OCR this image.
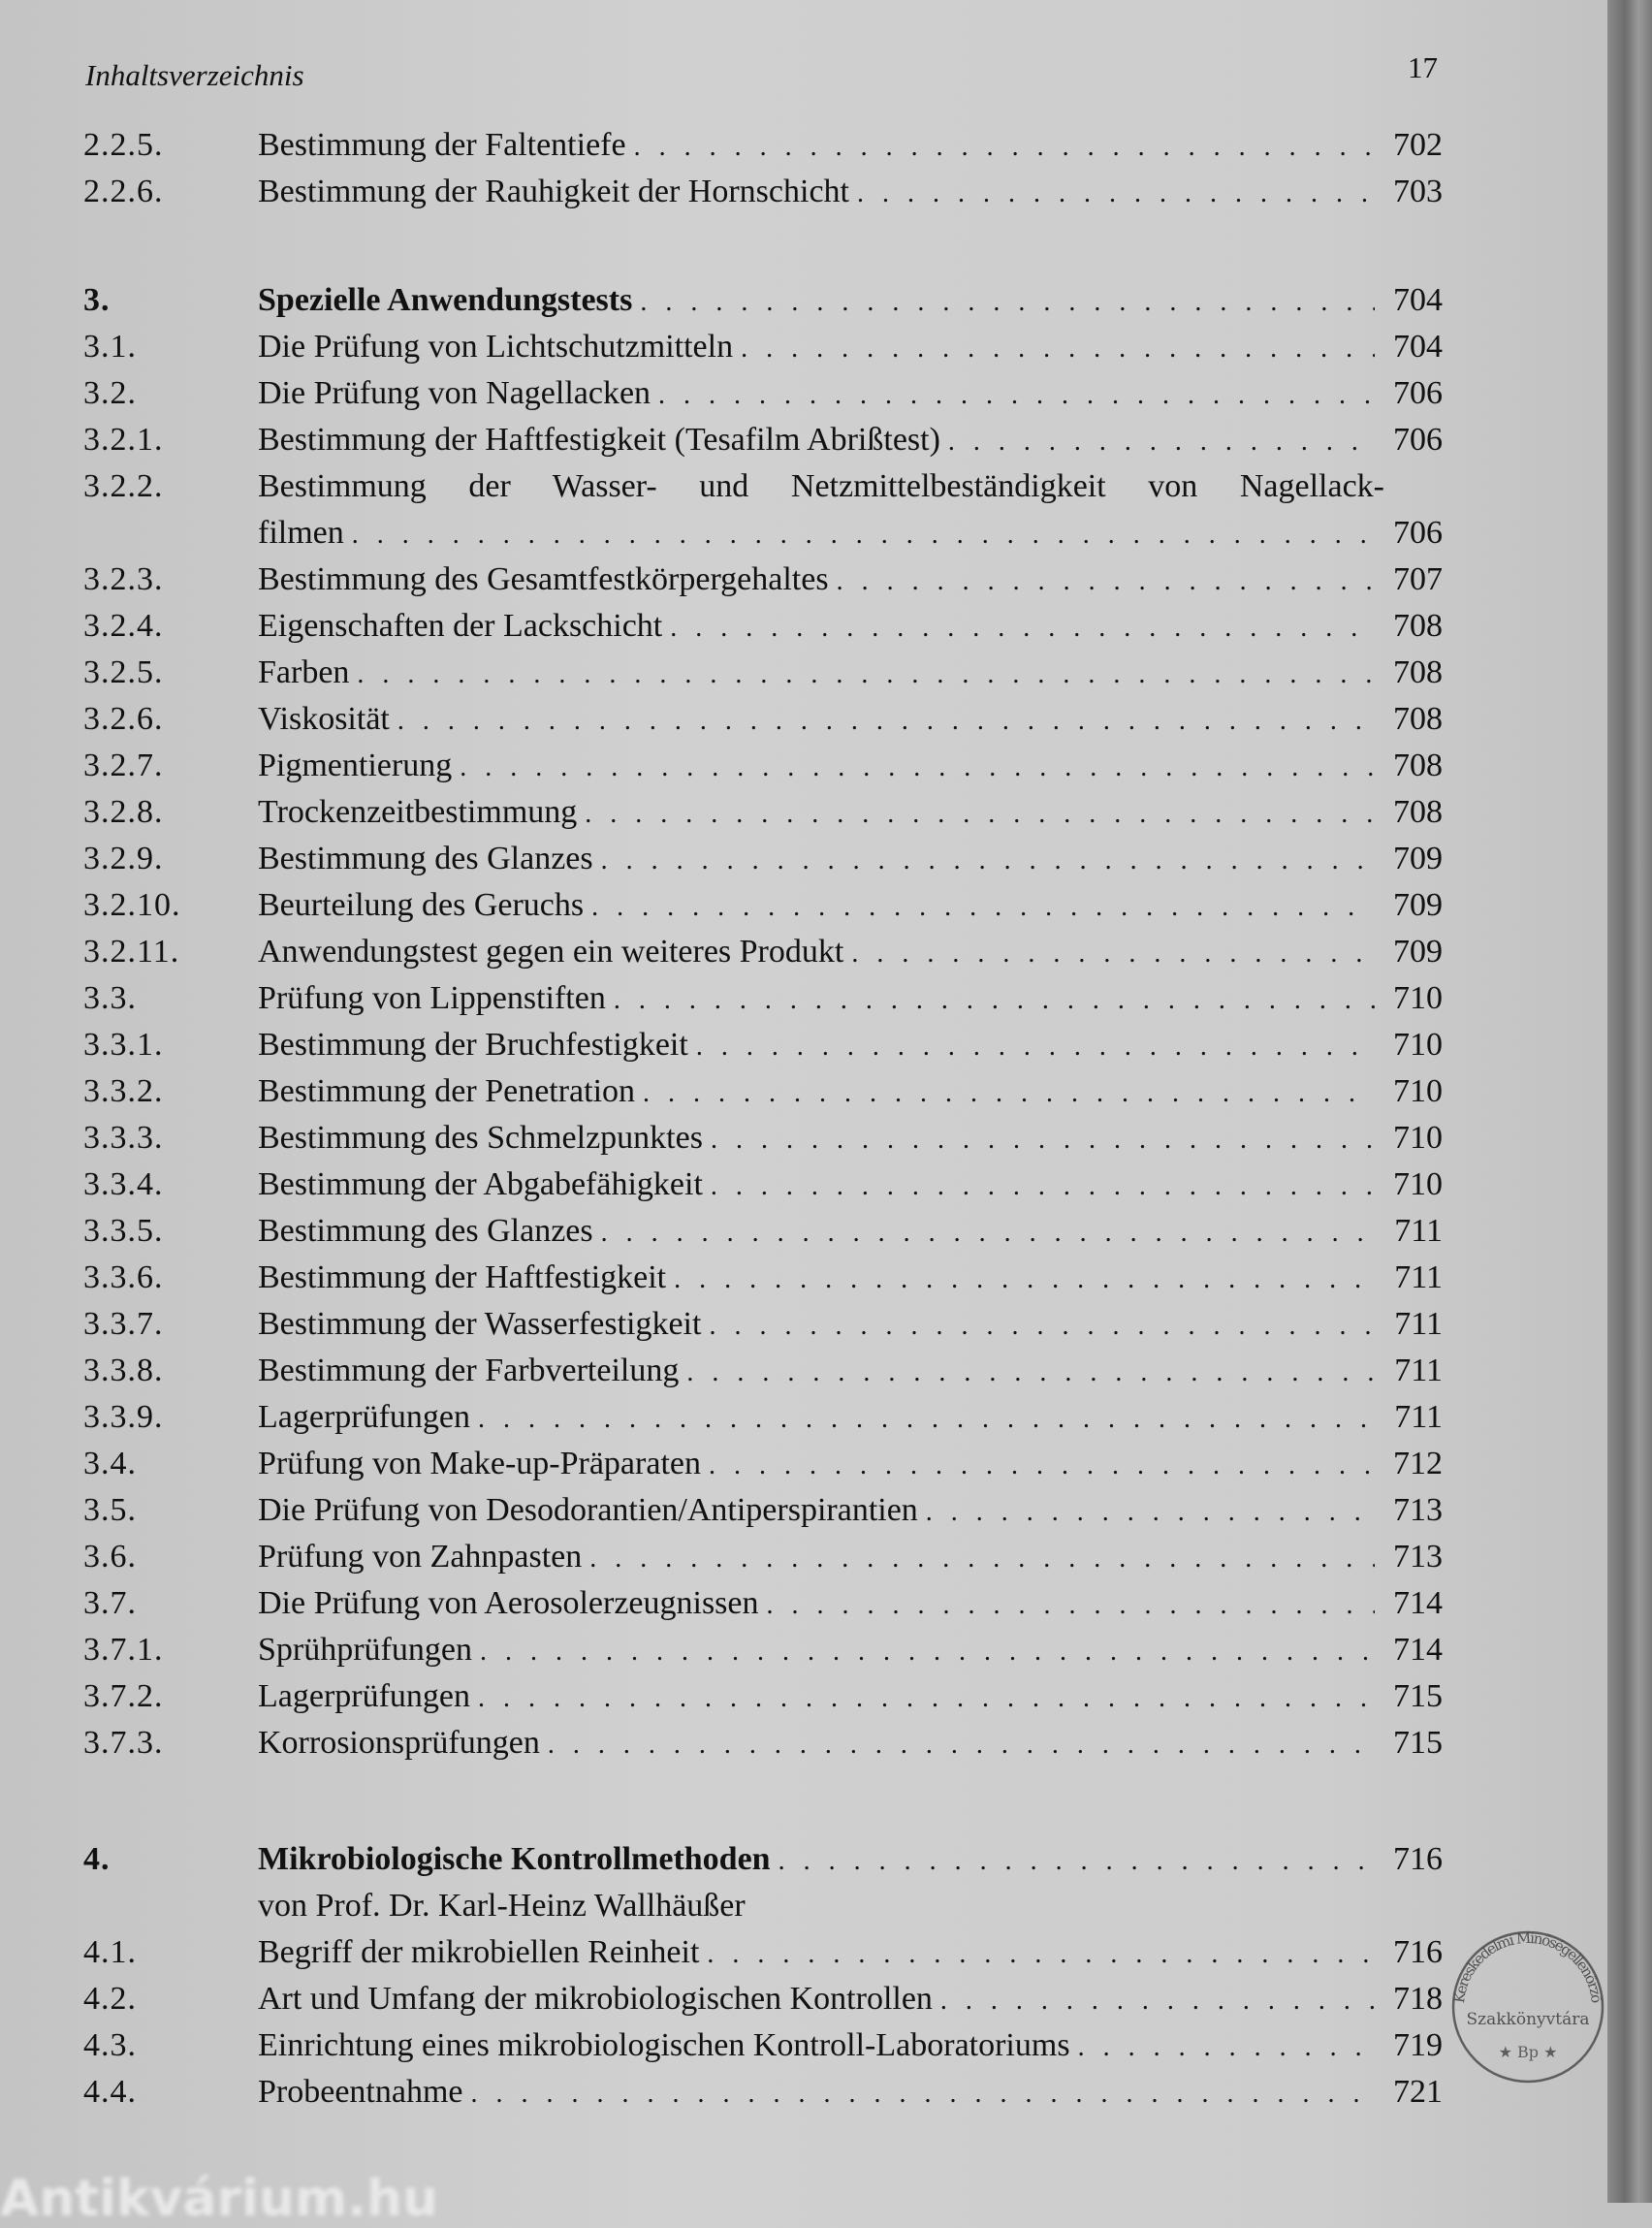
Inhaltsverzeichnis	17
2.2.5.	Bestimmung der Faltentiefe . . .	702
2.2.6.	Bestimmung der Rauhigkeit der Hornschicht . . .	703
3.	Spezielle Anwendungstests . . .	704
3.1.	Die Prüfung von Lichtschutzmitteln . . .	704
3.2.	Die Prüfung von Nagellacken . . .	706
3.2.1.	Bestimmung der Haftfestigkeit (Tesafilm Abrißtest) . . .	706
3.2.2.	Bestimmung der Wasser- und Netzmittelbeständigkeit von Nagellack-
filmen . . .	706
3.2.3.	Bestimmung des Gesamtfestkörpergehaltes . . .	707
3.2.4.	Eigenschaften der Lackschicht . . .	708
3.2.5.	Farben . . .	708
3.2.6.	Viskosität . . .	708
3.2.7.	Pigmentierung . . .	708
3.2.8.	Trockenzeitbestimmung . . .	708
3.2.9.	Bestimmung des Glanzes . . .	709
3.2.10.	Beurteilung des Geruchs . . .	709
3.2.11.	Anwendungstest gegen ein weiteres Produkt . . .	709
3.3.	Prüfung von Lippenstiften . . .	710
3.3.1.	Bestimmung der Bruchfestigkeit . . .	710
3.3.2.	Bestimmung der Penetration . . .	710
3.3.3.	Bestimmung des Schmelzpunktes . . .	710
3.3.4.	Bestimmung der Abgabefähigkeit . . .	710
3.3.5.	Bestimmung des Glanzes . . .	711
3.3.6.	Bestimmung der Haftfestigkeit . . .	711
3.3.7.	Bestimmung der Wasserfestigkeit . . .	711
3.3.8.	Bestimmung der Farbverteilung . . .	711
3.3.9.	Lagerprüfungen . . .	711
3.4.	Prüfung von Make-up-Präparaten . . .	712
3.5.	Die Prüfung von Desodorantien/Antiperspirantien . . .	713
3.6.	Prüfung von Zahnpasten . . .	713
3.7.	Die Prüfung von Aerosolerzeugnissen . . .	714
3.7.1.	Sprühprüfungen . . .	714
3.7.2.	Lagerprüfungen . . .	715
3.7.3.	Korrosionsprüfungen . . .	715
4.	Mikrobiologische Kontrollmethoden . . .	716
von Prof. Dr. Karl-Heinz Wallhäußer
4.1.	Begriff der mikrobiellen Reinheit . . .	716
4.2.	Art und Umfang der mikrobiologischen Kontrollen . . .	718
4.3.	Einrichtung eines mikrobiologischen Kontroll-Laboratoriums . . .	719
4.4.	Probeentnahme . . .	721
Kereskedelmi Minőségellenőrző
Szakkönyvtára
★ Bp ★
Antikvárium.hu
